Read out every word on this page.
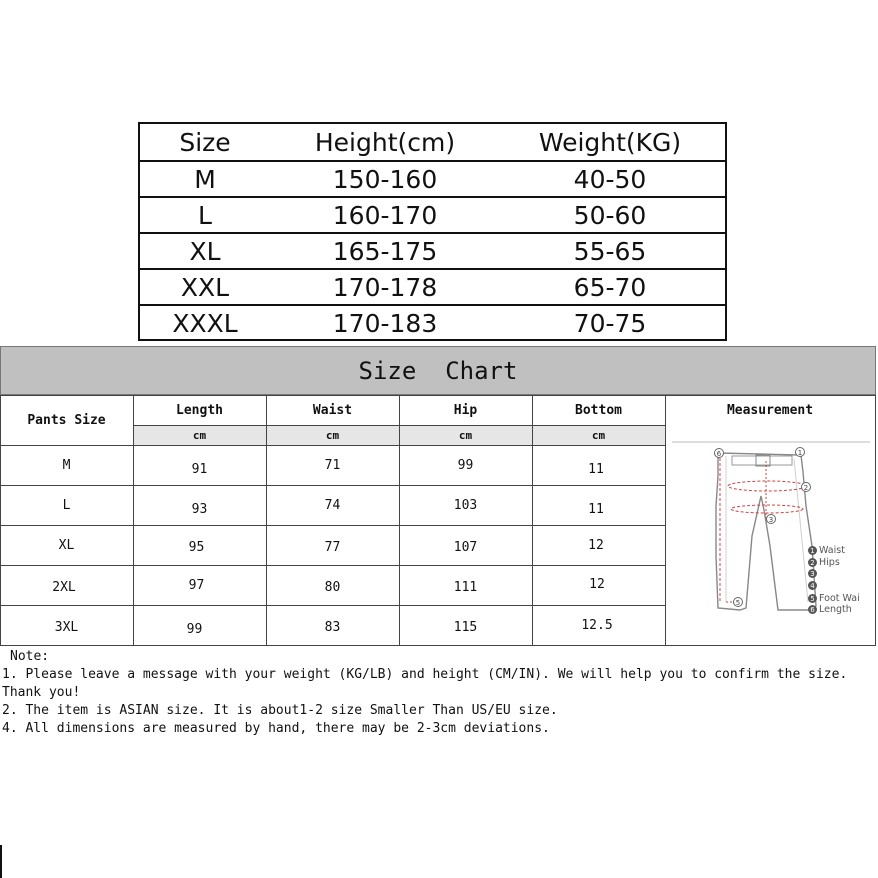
Size	Height(cm)	Weight(KG)
M	150-160	40-50
L	160-170	50-60
XL	165-175	55-65
XXL	170-178	65-70
XXXL	170-183	70-75
Size  Chart
Pants Size
Length	Waist	Hip	Bottom	Measurement
cm	cm	cm	cm
M	91	71	99	11
L	93	74	103	11
XL	95	77	107	12
2XL	97	80	111	12
3XL	99	83	115	12.5
6	1
2
3
5
1 Waist
2 Hips
3
4
5 Foot Wai
6 Length
Note:
1. Please leave a message with your weight (KG/LB) and height (CM/IN). We will help you to confirm the size. Thank you!
2. The item is ASIAN size. It is about1-2 size Smaller Than US/EU size.
4. All dimensions are measured by hand, there may be 2-3cm deviations.
